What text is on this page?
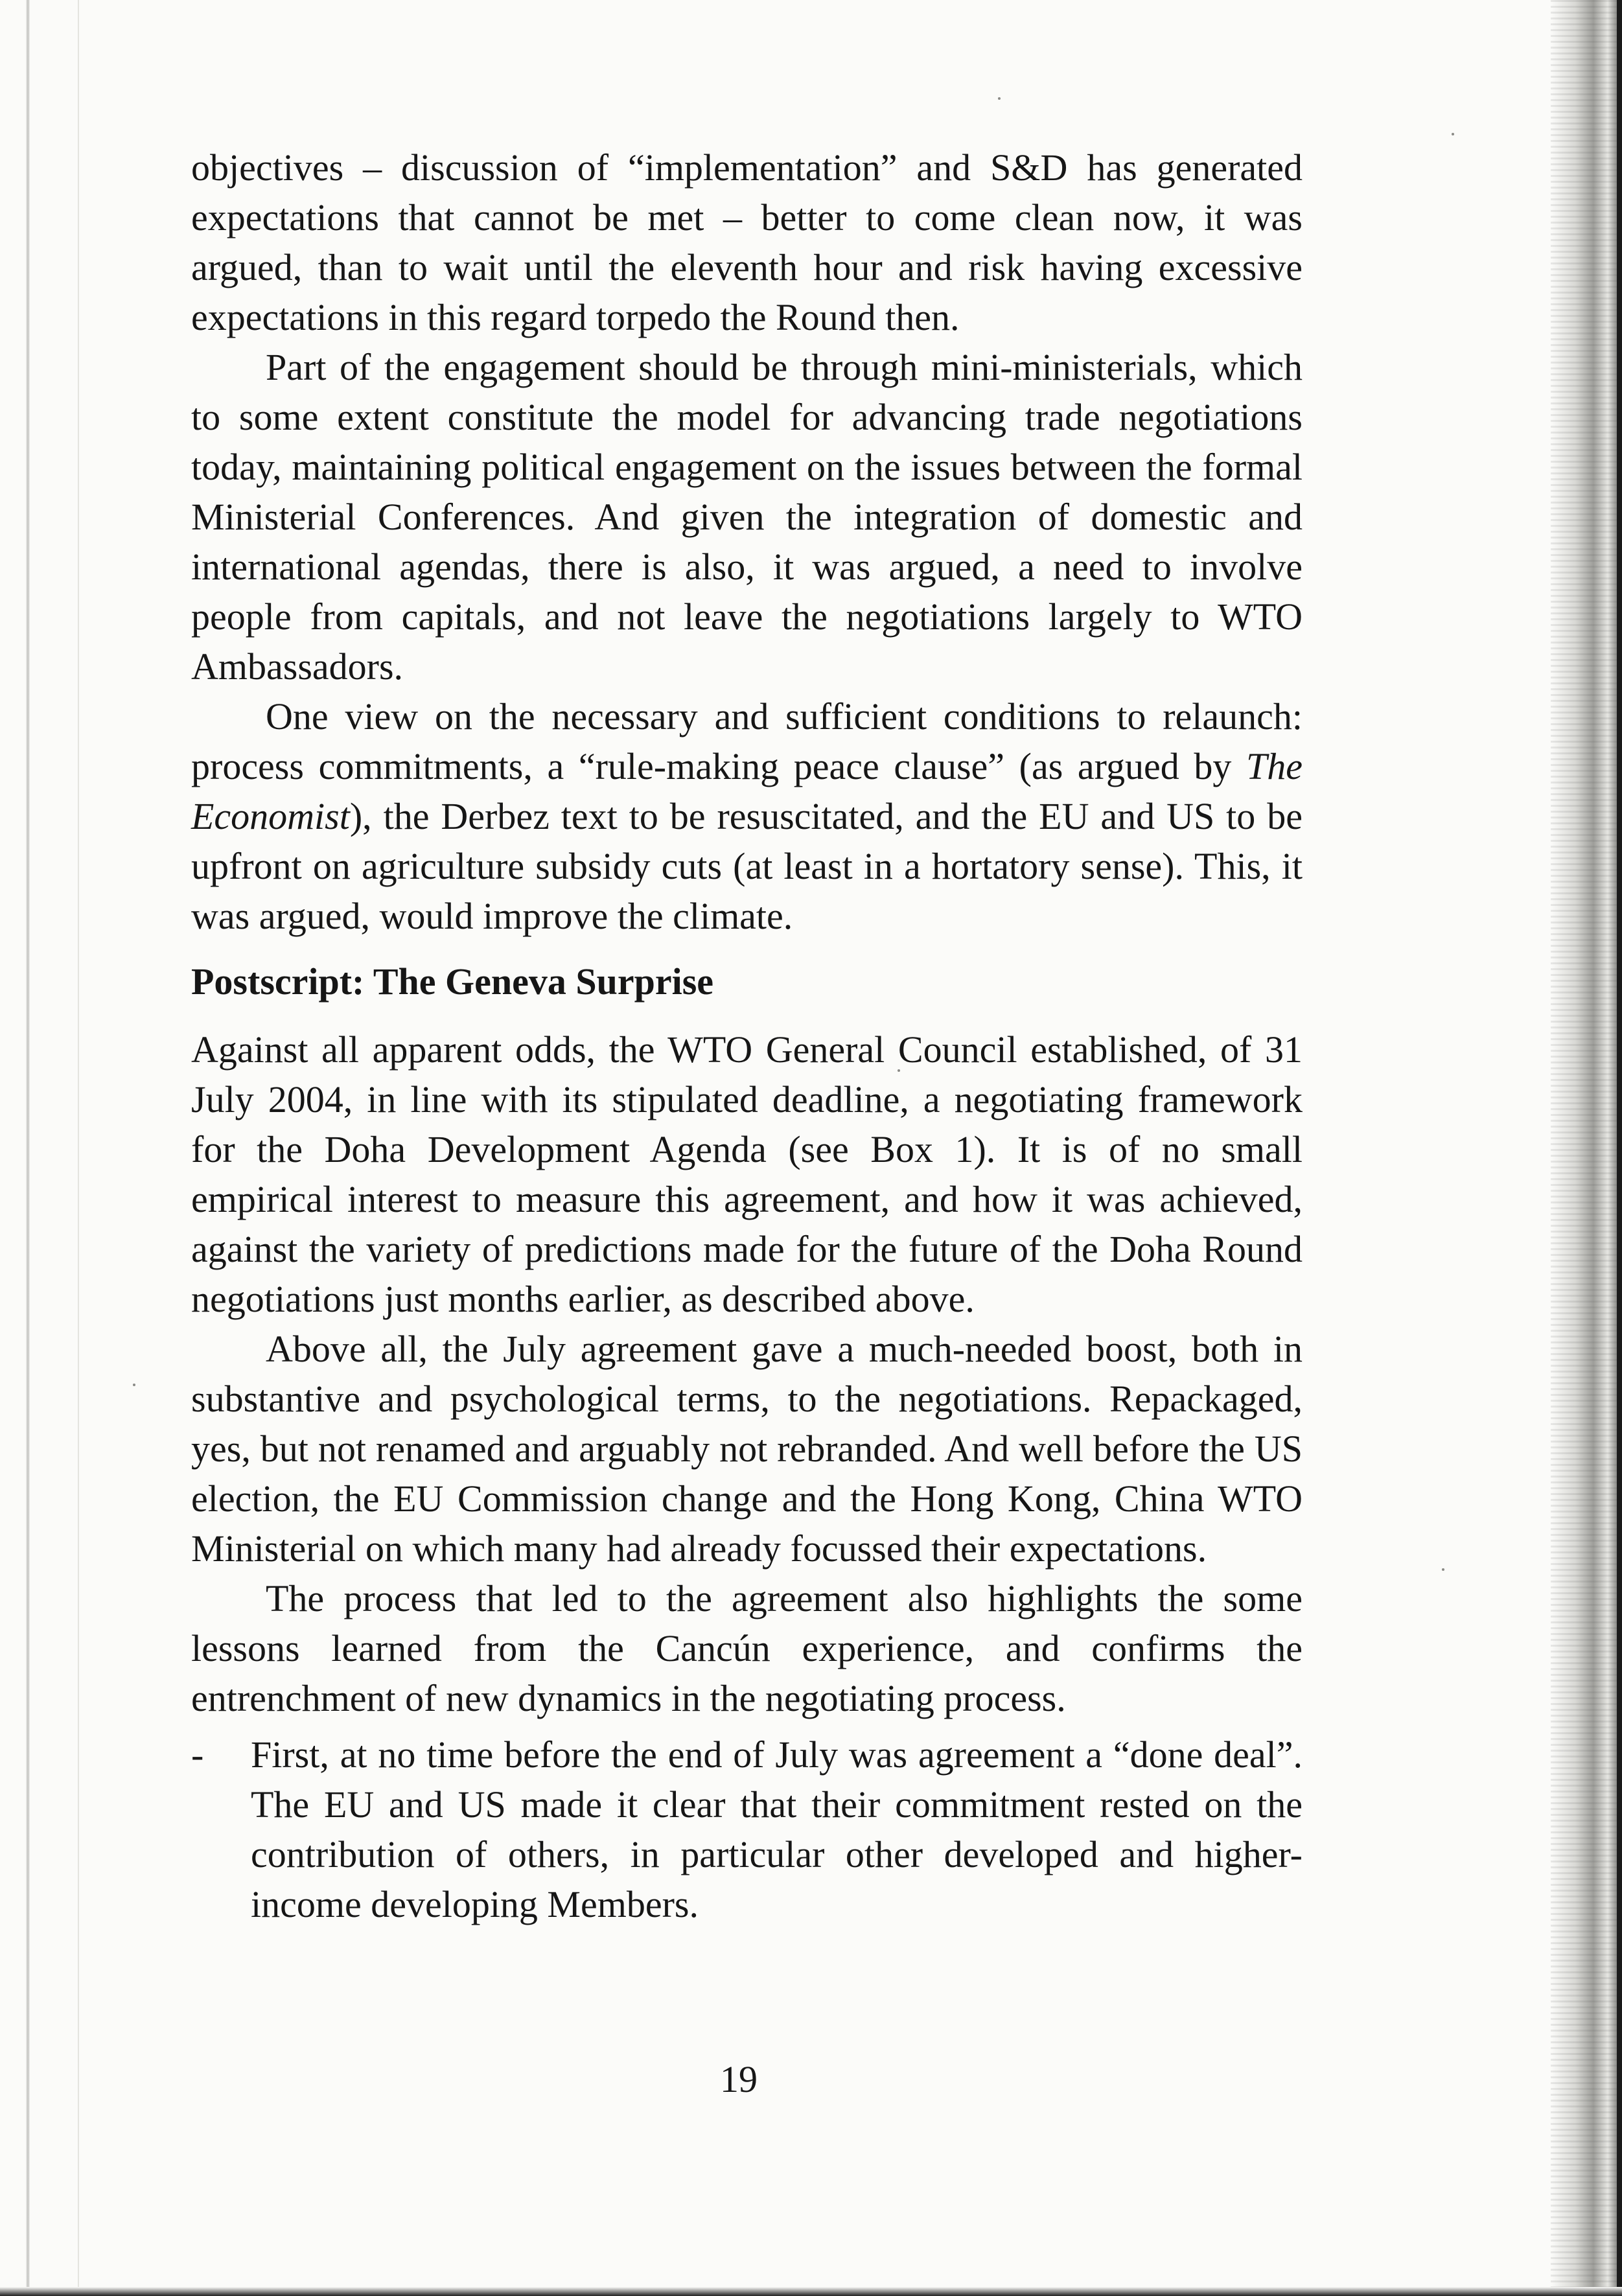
objectives – discussion of “implementation” and S&D has generated expectations that cannot be met – better to come clean now, it was argued, than to wait until the eleventh hour and risk having excessive expectations in this regard torpedo the Round then.

Part of the engagement should be through mini-ministerials, which to some extent constitute the model for advancing trade negotiations today, maintaining political engagement on the issues between the formal Ministerial Conferences. And given the integration of domestic and international agendas, there is also, it was argued, a need to involve people from capitals, and not leave the negotiations largely to WTO Ambassadors.

One view on the necessary and sufficient conditions to relaunch: process commitments, a “rule-making peace clause” (as argued by The Economist), the Derbez text to be resuscitated, and the EU and US to be upfront on agriculture subsidy cuts (at least in a hortatory sense). This, it was argued, would improve the climate.

Postscript: The Geneva Surprise

Against all apparent odds, the WTO General Council established, of 31 July 2004, in line with its stipulated deadline, a negotiating framework for the Doha Development Agenda (see Box 1). It is of no small empirical interest to measure this agreement, and how it was achieved, against the variety of predictions made for the future of the Doha Round negotiations just months earlier, as described above.

Above all, the July agreement gave a much-needed boost, both in substantive and psychological terms, to the negotiations. Repackaged, yes, but not renamed and arguably not rebranded. And well before the US election, the EU Commission change and the Hong Kong, China WTO Ministerial on which many had already focussed their expectations.

The process that led to the agreement also highlights the some lessons learned from the Cancún experience, and confirms the entrenchment of new dynamics in the negotiating process.

- First, at no time before the end of July was agreement a “done deal”. The EU and US made it clear that their commitment rested on the contribution of others, in particular other developed and higher-income developing Members.
19
